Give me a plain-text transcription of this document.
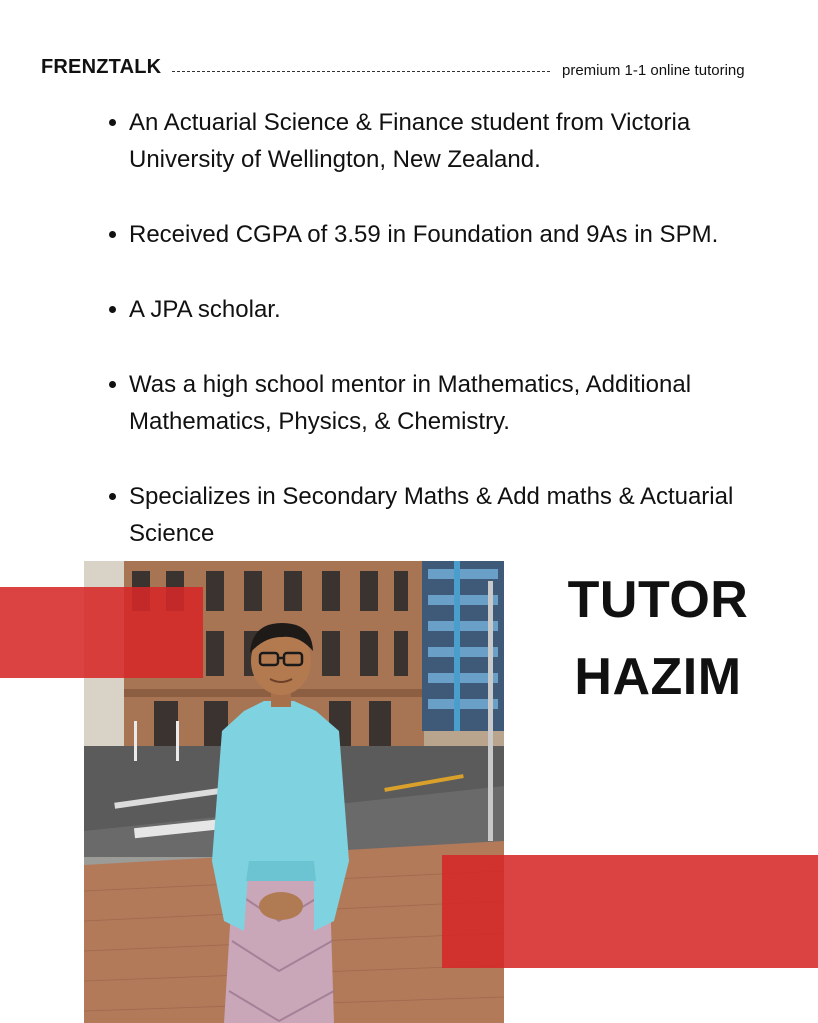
FRENZTALK	premium 1-1 online tutoring
An Actuarial Science & Finance student from Victoria University of Wellington, New Zealand.
Received CGPA of 3.59 in Foundation and 9As in SPM.
A JPA scholar.
Was a high school mentor in Mathematics, Additional Mathematics, Physics, & Chemistry.
Specializes in Secondary Maths & Add maths & Actuarial Science
TUTOR
HAZIM
